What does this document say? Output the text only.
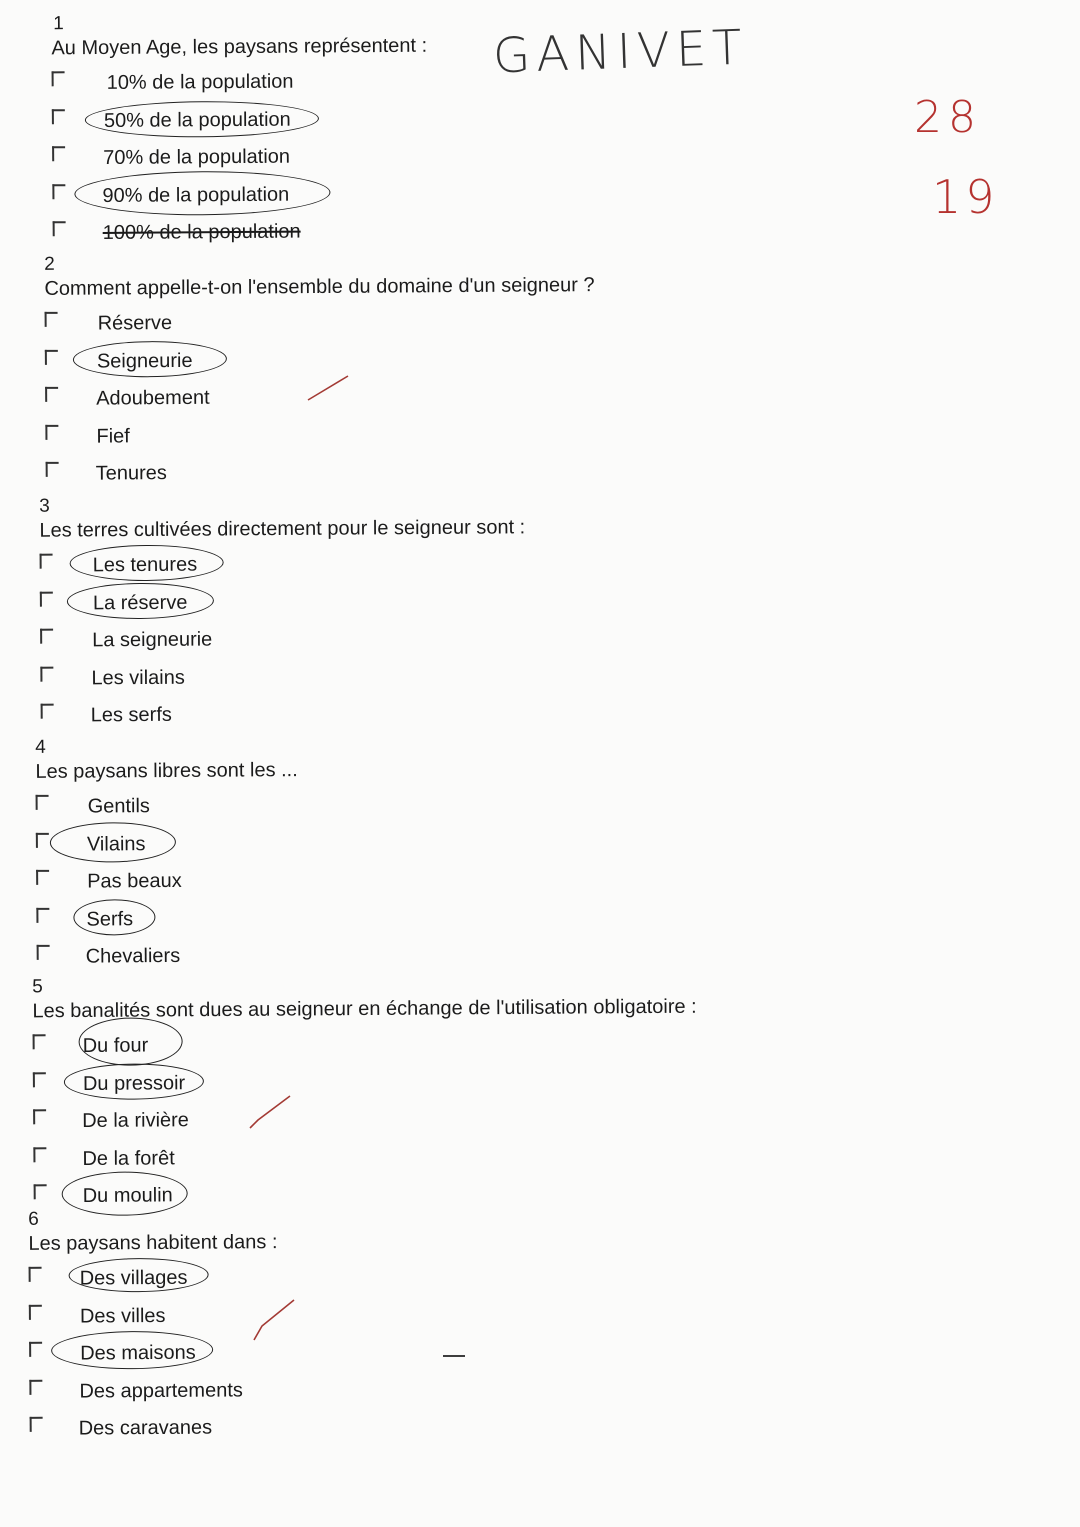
GANIVET
28
19
1
Au Moyen Age, les paysans représentent :
10% de la population
50% de la population
70% de la population
90% de la population
100% de la population
2
Comment appelle-t-on l'ensemble du domaine d'un seigneur ?
Réserve
Seigneurie
Adoubement
Fief
Tenures
3
Les terres cultivées directement pour le seigneur sont :
Les tenures
La réserve
La seigneurie
Les vilains
Les serfs
4
Les paysans libres sont les ...
Gentils
Vilains
Pas beaux
Serfs
Chevaliers
5
Les banalités sont dues au seigneur en échange de l'utilisation obligatoire :
Du four
Du pressoir
De la rivière
De la forêt
Du moulin
6
Les paysans habitent dans :
Des villages
Des villes
Des maisons
Des appartements
Des caravanes
